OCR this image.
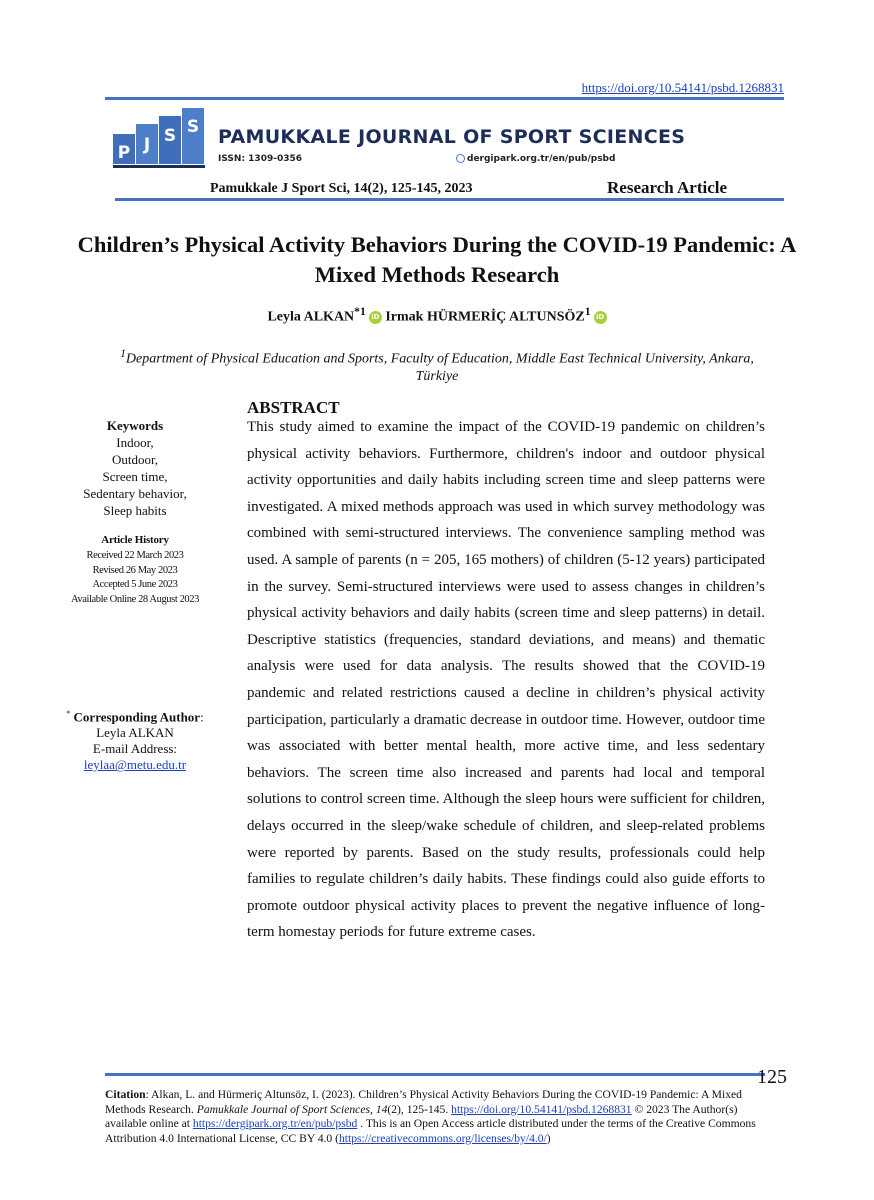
https://doi.org/10.54141/psbd.1268831
P J S S PAMUKKALE JOURNAL OF SPORT SCIENCES
ISSN: 1309-0356	dergipark.org.tr/en/pub/psbd
Pamukkale J Sport Sci, 14(2), 125-145, 2023	Research Article
Children’s Physical Activity Behaviors During the COVID-19 Pandemic: A Mixed Methods Research
Leyla ALKAN$^{*1}$ iD Irmak HÜRMERİÇ ALTUNSÖZ$^1$ iD
$^1$Department of Physical Education and Sports, Faculty of Education, Middle East Technical University, Ankara, Türkiye
Keywords
Indoor,
Outdoor,
Screen time,
Sedentary behavior,
Sleep habits
Article History
Received 22 March 2023
Revised 26 May 2023
Accepted 5 June 2023
Available Online 28 August 2023
* Corresponding Author:
Leyla ALKAN
E-mail Address:
leylaa@metu.edu.tr
ABSTRACT
This study aimed to examine the impact of the COVID-19 pandemic on children’s physical activity behaviors. Furthermore, children's indoor and outdoor physical activity opportunities and daily habits including screen time and sleep patterns were investigated. A mixed methods approach was used in which survey methodology was combined with semi-structured interviews. The convenience sampling method was used. A sample of parents (n = 205, 165 mothers) of children (5-12 years) participated in the survey. Semi-structured interviews were used to assess changes in children’s physical activity behaviors and daily habits (screen time and sleep patterns) in detail. Descriptive statistics (frequencies, standard deviations, and means) and thematic analysis were used for data analysis. The results showed that the COVID-19 pandemic and related restrictions caused a decline in children’s physical activity participation, particularly a dramatic decrease in outdoor time. However, outdoor time was associated with better mental health, more active time, and less sedentary behaviors. The screen time also increased and parents had local and temporal solutions to control screen time. Although the sleep hours were sufficient for children, delays occurred in the sleep/wake schedule of children, and sleep-related problems were reported by parents. Based on the study results, professionals could help families to regulate children’s daily habits. These findings could also guide efforts to promote outdoor physical activity places to prevent the negative influence of long-term homestay periods for future extreme cases.
125
Citation: Alkan, L. and Hürmeriç Altunsöz, I. (2023). Children’s Physical Activity Behaviors During the COVID-19 Pandemic: A Mixed Methods Research. Pamukkale Journal of Sport Sciences, 14(2), 125-145. https://doi.org/10.54141/psbd.1268831 © 2023 The Author(s) available online at https://dergipark.org.tr/en/pub/psbd . This is an Open Access article distributed under the terms of the Creative Commons Attribution 4.0 International License, CC BY 4.0 (https://creativecommons.org/licenses/by/4.0/)
